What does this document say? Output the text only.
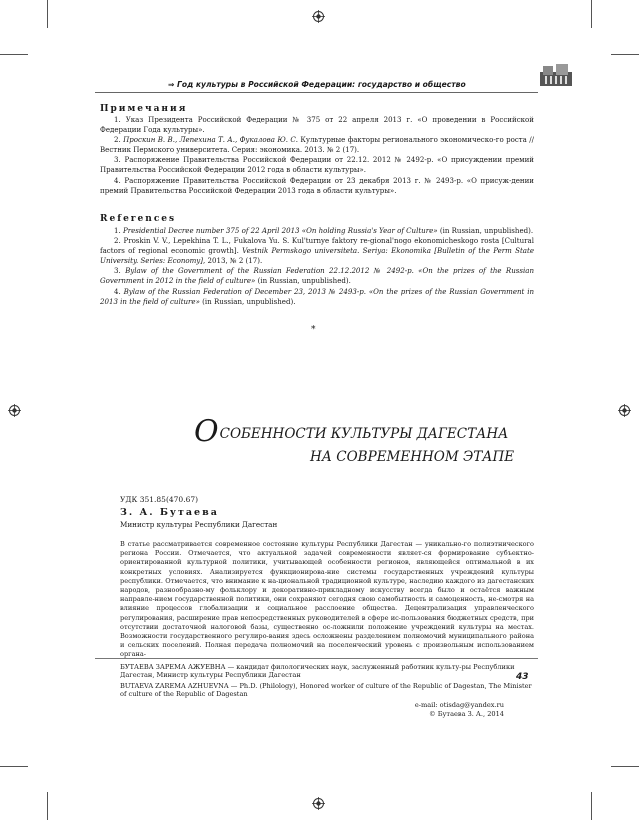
⇒ Год культуры в Российской Федерации: государство и общество
Примечания
1. Указ Президента Российской Федерации № 375 от 22 апреля 2013 г. «О проведении в Российской Федерации Года культуры».
2. Проскин В. В., Лепехина Т. А., Фукалова Ю. С. Культурные факторы регионального экономическо-го роста // Вестник Пермского университета. Серия: экономика. 2013. № 2 (17).
3. Распоряжение Правительства Российской Федерации от 22.12. 2012 № 2492-р. «О присуждении премий Правительства Российской Федерации 2012 года в области культуры».
4. Распоряжение Правительства Российской Федерации от 23 декабря 2013 г. № 2493-р. «О присуж-дении премий Правительства Российской Федерации 2013 года в области культуры».
References
1. Presidential Decree number 375 of 22 April 2013 «On holding Russia's Year of Culture» (in Russian, unpublished).
2. Proskin V. V., Lepekhina T. L., Fukalova Yu. S. Kul'turnye faktory re-gional'nogo ekonomicheskogo rosta [Cultural factors of regional economic growth]. Vestnik Permskogo universiteta. Seriya: Ekonomika [Bulletin of the Perm State University. Series: Economy], 2013, № 2 (17).
3. Bylaw of the Government of the Russian Federation 22.12.2012 № 2492-p. «On the prizes of the Russian Government in 2012 in the field of culture» (in Russian, unpublished).
4. Bylaw of the Russian Federation of December 23, 2013 № 2493-p. «On the prizes of the Russian Government in 2013 in the field of culture» (in Russian, unpublished).
*
ОСОБЕННОСТИ КУЛЬТУРЫ ДАГЕСТАНА
НА СОВРЕМЕННОМ ЭТАПЕ
УДК 351.85(470.67)
З. А. Бутаева
Министр культуры Республики Дагестан

В статье рассматривается современное состояние культуры Республики Дагестан — уникально-го полиэтнического региона России. Отмечается, что актуальной задачей современности являет-ся формирование субъектно-ориентированной культурной политики, учитывающей особенности регионов, являющейся оптимальной в их конкретных условиях. Анализируется функционирова-ние системы государственных учреждений культуры республики. Отмечается, что внимание к на-циональной традиционной культуре, наследию каждого из дагестанских народов, разнообразно-му фольклору и декоративно-прикладному искусству всегда было и остаётся важным направле-нием государственной политики, они сохраняют сегодня свою самобытность и самоценность, не-смотря на влияние процессов глобализации и социальное расслоение общества. Децентрализация управленческого регулирования, расширение прав непосредственных руководителей в сфере ис-пользования бюджетных средств, при отсутствии достаточной налоговой базы, существенно ос-ложнили положение учреждений культуры на местах. Возможности государственного регулиро-вания здесь осложнены разделением полномочий муниципального района и сельских поселений. Полная передача полномочий на поселенческий уровень с произвольным использованием органа-

БУТАЕВА ЗАРЕМА АЖУЕВНА — кандидат филологических наук, заслуженный работник культу-ры Республики Дагестан, Министр культуры Республики Дагестан
BUTAEVA ZAREMA AZHUEVNA — Ph.D. (Philology), Honored worker of culture of the Republic of Dagestan, The Minister of culture of the Republic of Dagestan
43
e-mail: otisdag@yandex.ru
© Бутаева З. А., 2014
